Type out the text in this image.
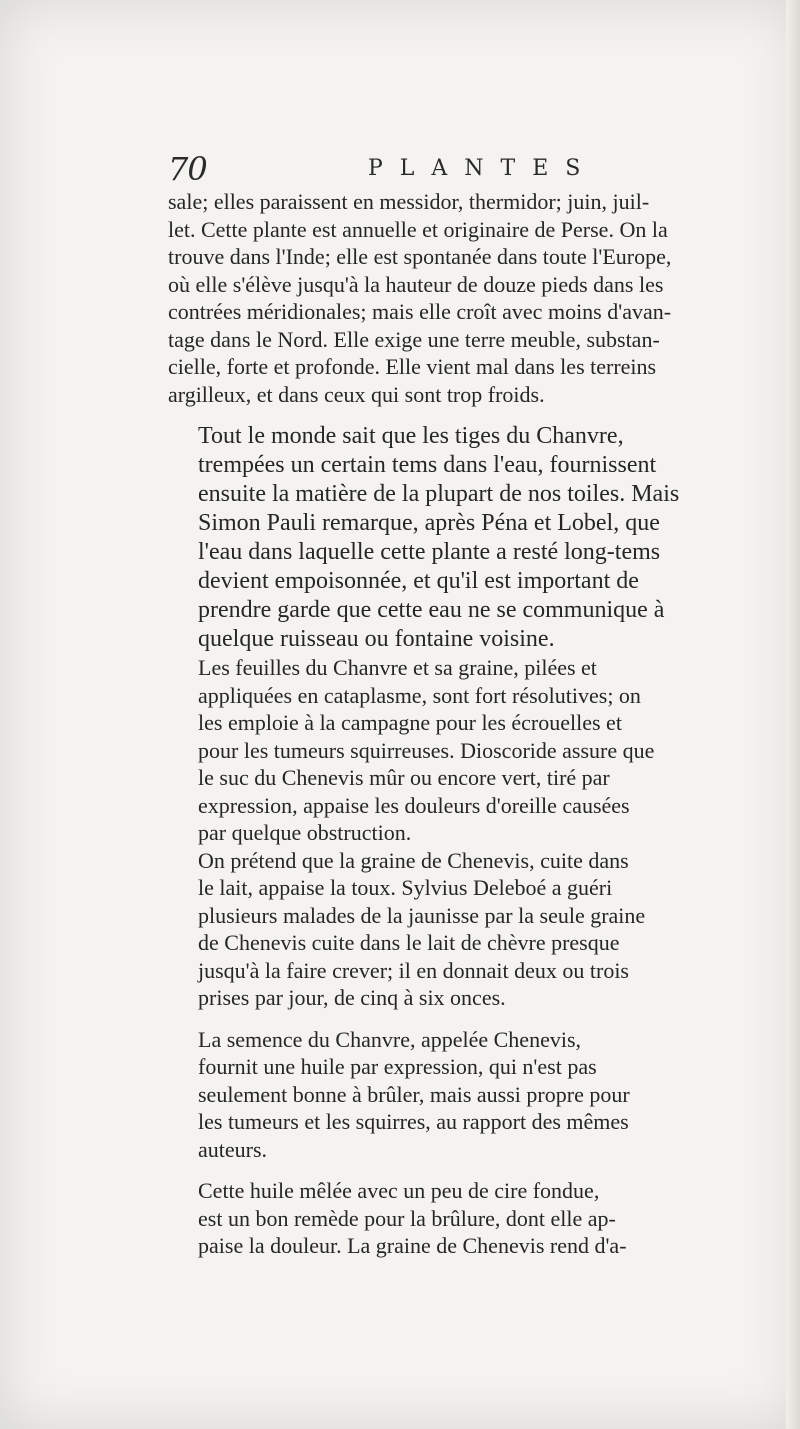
70	PLANTES

sale; elles paraissent en messidor, thermidor; juin, juil-
let. Cette plante est annuelle et originaire de Perse. On la
trouve dans l'Inde; elle est spontanée dans toute l'Europe,
où elle s'élève jusqu'à la hauteur de douze pieds dans les
contrées méridionales; mais elle croît avec moins d'avan-
tage dans le Nord. Elle exige une terre meuble, substan-
cielle, forte et profonde. Elle vient mal dans les terreins
argilleux, et dans ceux qui sont trop froids.

Tout le monde sait que les tiges du Chanvre,
trempées un certain tems dans l'eau, fournissent
ensuite la matière de la plupart de nos toiles. Mais
Simon Pauli remarque, après Péna et Lobel, que
l'eau dans laquelle cette plante a resté long-tems
devient empoisonnée, et qu'il est important de
prendre garde que cette eau ne se communique à
quelque ruisseau ou fontaine voisine.

Les feuilles du Chanvre et sa graine, pilées et
appliquées en cataplasme, sont fort résolutives; on
les emploie à la campagne pour les écrouelles et
pour les tumeurs squirreuses. Dioscoride assure que
le suc du Chenevis mûr ou encore vert, tiré par
expression, appaise les douleurs d'oreille causées
par quelque obstruction.

On prétend que la graine de Chenevis, cuite dans
le lait, appaise la toux. Sylvius Deleboé a guéri
plusieurs malades de la jaunisse par la seule graine
de Chenevis cuite dans le lait de chèvre presque
jusqu'à la faire crever; il en donnait deux ou trois
prises par jour, de cinq à six onces.

La semence du Chanvre, appelée Chenevis,
fournit une huile par expression, qui n'est pas
seulement bonne à brûler, mais aussi propre pour
les tumeurs et les squirres, au rapport des mêmes
auteurs.

Cette huile mêlée avec un peu de cire fondue,
est un bon remède pour la brûlure, dont elle ap-
paise la douleur. La graine de Chenevis rend d'a-
